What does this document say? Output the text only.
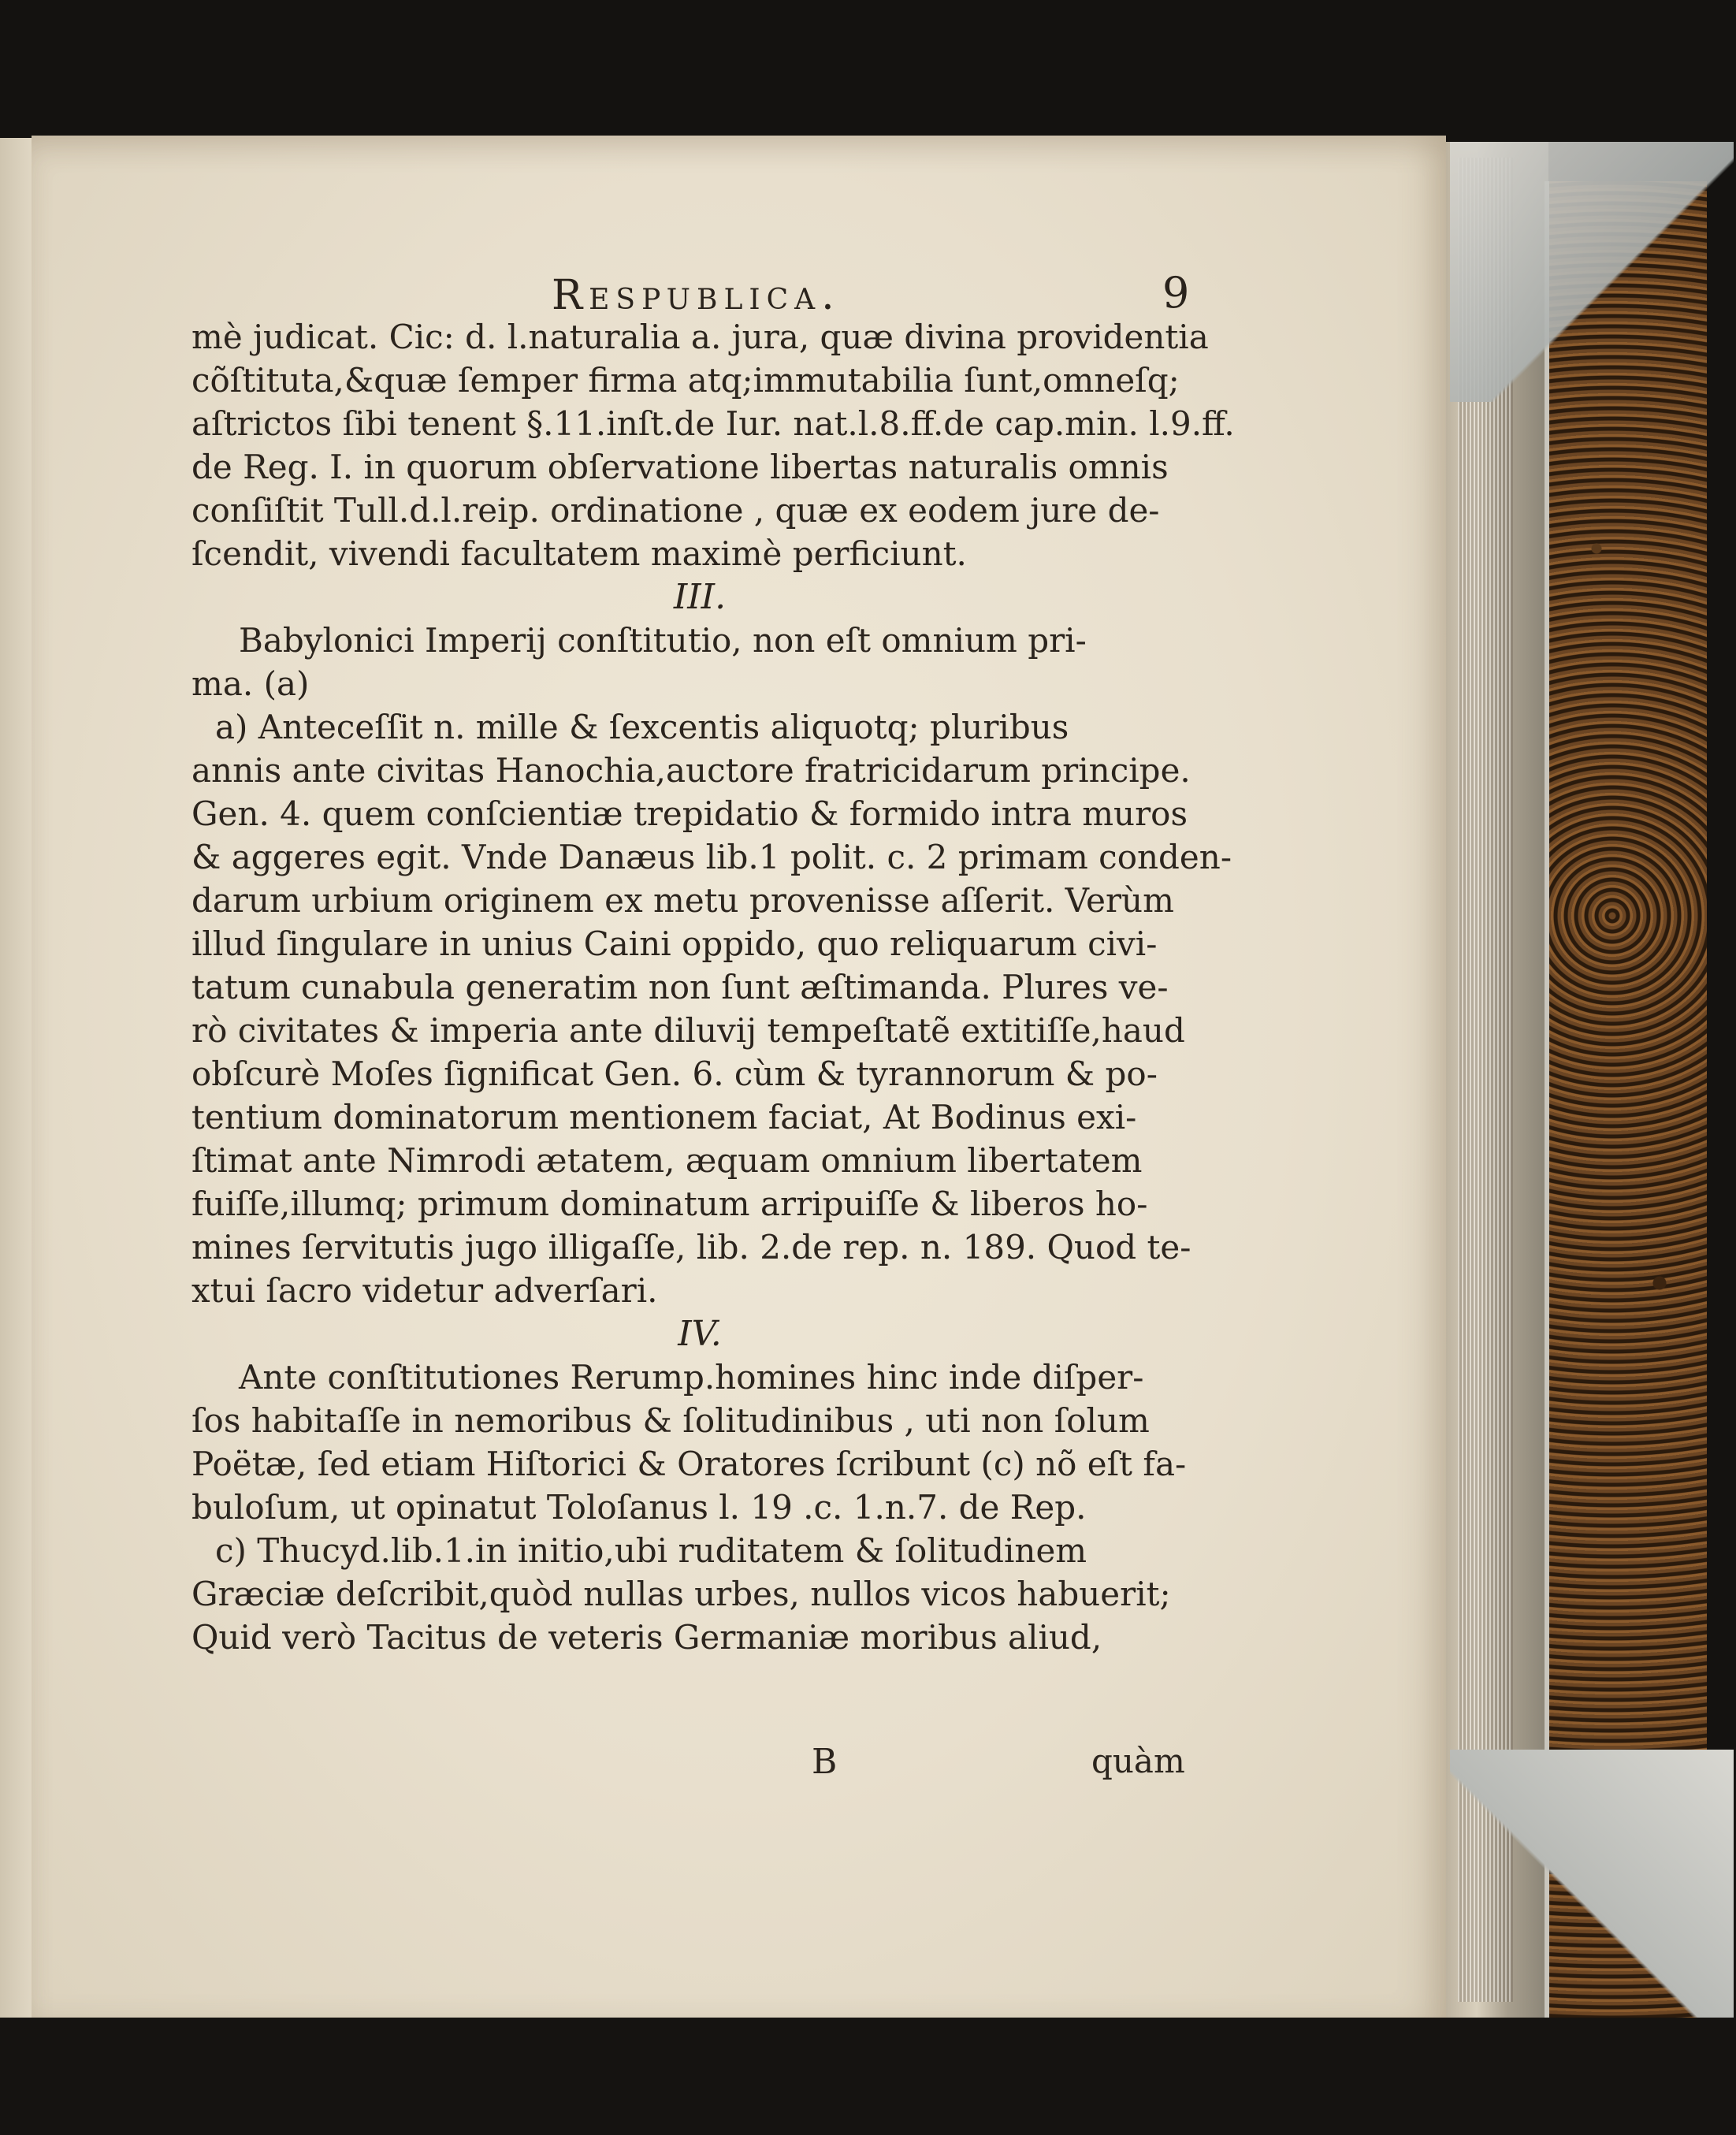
Respublica.	9
mè judicat. Cic: d. l.naturalia a. jura, quæ divina providentia
cõſtituta,&quæ ſemper firma atq;immutabilia ſunt,omneſq;
aſtrictos ſibi tenent §.11.inſt.de Iur. nat.l.8.ff.de cap.min. l.9.ff.
de Reg. I. in quorum obſervatione libertas naturalis omnis
conſiſtit Tull.d.l.reip. ordinatione , quæ ex eodem jure de-
ſcendit, vivendi facultatem maximè perficiunt.
III.
Babylonici Imperij conſtitutio, non eſt omnium pri-
ma. (a)
a) Anteceſſit n. mille & ſexcentis aliquotq; pluribus
annis ante civitas Hanochia,auctore fratricidarum principe.
Gen. 4. quem conſcientiæ trepidatio & formido intra muros
& aggeres egit. Vnde Danæus lib.1 polit. c. 2 primam conden-
darum urbium originem ex metu provenisse aſſerit. Verùm
illud ſingulare in unius Caini oppido, quo reliquarum civi-
tatum cunabula generatim non ſunt æſtimanda. Plures ve-
rò civitates & imperia ante diluvij tempeſtatẽ extitiſſe,haud
obſcurè Moſes ſignificat Gen. 6. cùm & tyrannorum & po-
tentium dominatorum mentionem faciat, At Bodinus exi-
ſtimat ante Nimrodi ætatem, æquam omnium libertatem
fuiſſe,illumq; primum dominatum arripuiſſe & liberos ho-
mines ſervitutis jugo illigaſſe, lib. 2.de rep. n. 189. Quod te-
xtui ſacro videtur adverſari.
IV.
Ante conſtitutiones Rerump.homines hinc inde diſper-
ſos habitaſſe in nemoribus & ſolitudinibus , uti non ſolum
Poëtæ, ſed etiam Hiſtorici & Oratores ſcribunt (c) nõ eſt fa-
buloſum, ut opinatut Toloſanus l. 19 .c. 1.n.7. de Rep.
c) Thucyd.lib.1.in initio,ubi ruditatem & ſolitudinem
Græciæ deſcribit,quòd nullas urbes, nullos vicos habuerit;
Quid verò Tacitus de veteris Germaniæ moribus aliud,
B	quàm
